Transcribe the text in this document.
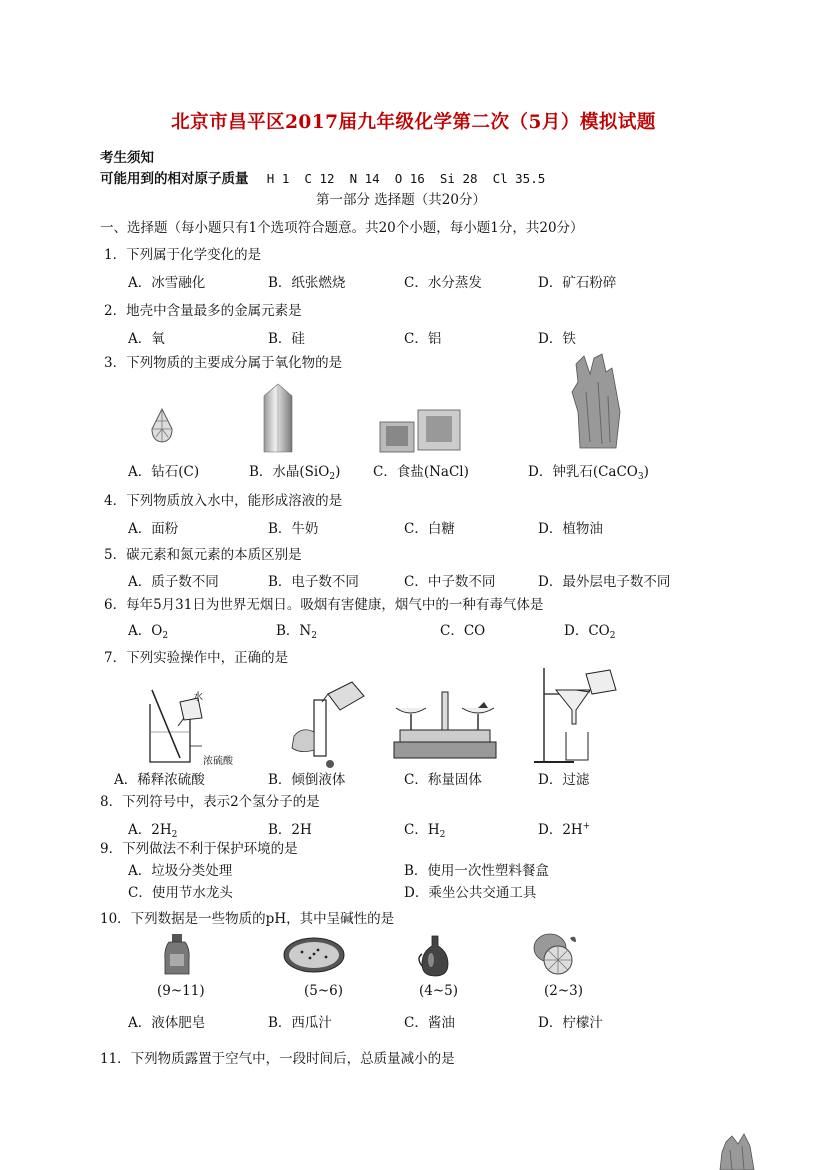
北京市昌平区2017届九年级化学第二次（5月）模拟试题
考生须知
可能用到的相对原子质量 H 1  C 12  N 14  O 16  Si 28  Cl 35.5
第一部分 选择题（共20分）
一、选择题（每小题只有1个选项符合题意。共20个小题，每小题1分，共20分）
1．下列属于化学变化的是
A．冰雪融化	B．纸张燃烧	C．水分蒸发	D．矿石粉碎
2．地壳中含量最多的金属元素是
A．氧	B．硅	C．铝	D．铁
3．下列物质的主要成分属于氧化物的是
A．钻石(C)	B．水晶(SiO$_2$) C．食盐(NaCl)	D．钟乳石(CaCO$_3$)
4．下列物质放入水中，能形成溶液的是
A．面粉	B．牛奶	C．白糖	D．植物油
5．碳元素和氮元素的本质区别是
A．质子数不同	B．电子数不同	C．中子数不同	D．最外层电子数不同
6．每年5月31日为世界无烟日。吸烟有害健康，烟气中的一种有毒气体是
A．$O_2$	B．$N_2$	C．CO	D．$CO_2$
7．下列实验操作中，正确的是
水
浓硫酸
A．稀释浓硫酸	B．倾倒液体	C．称量固体	D．过滤
8．下列符号中，表示2个氢分子的是
A．$2H_2$	B．2H	C．$H_2$	D．2H+
9．下列做法不利于保护环境的是
A．垃圾分类处理	B．使用一次性塑料餐盒
C．使用节水龙头	D．乘坐公共交通工具
10．下列数据是一些物质的pH，其中呈碱性的是
(9~11)	(5~6)	(4~5)	(2~3)
A．液体肥皂	B．西瓜汁	C．酱油	D．柠檬汁
11．下列物质露置于空气中，一段时间后，总质量减小的是
